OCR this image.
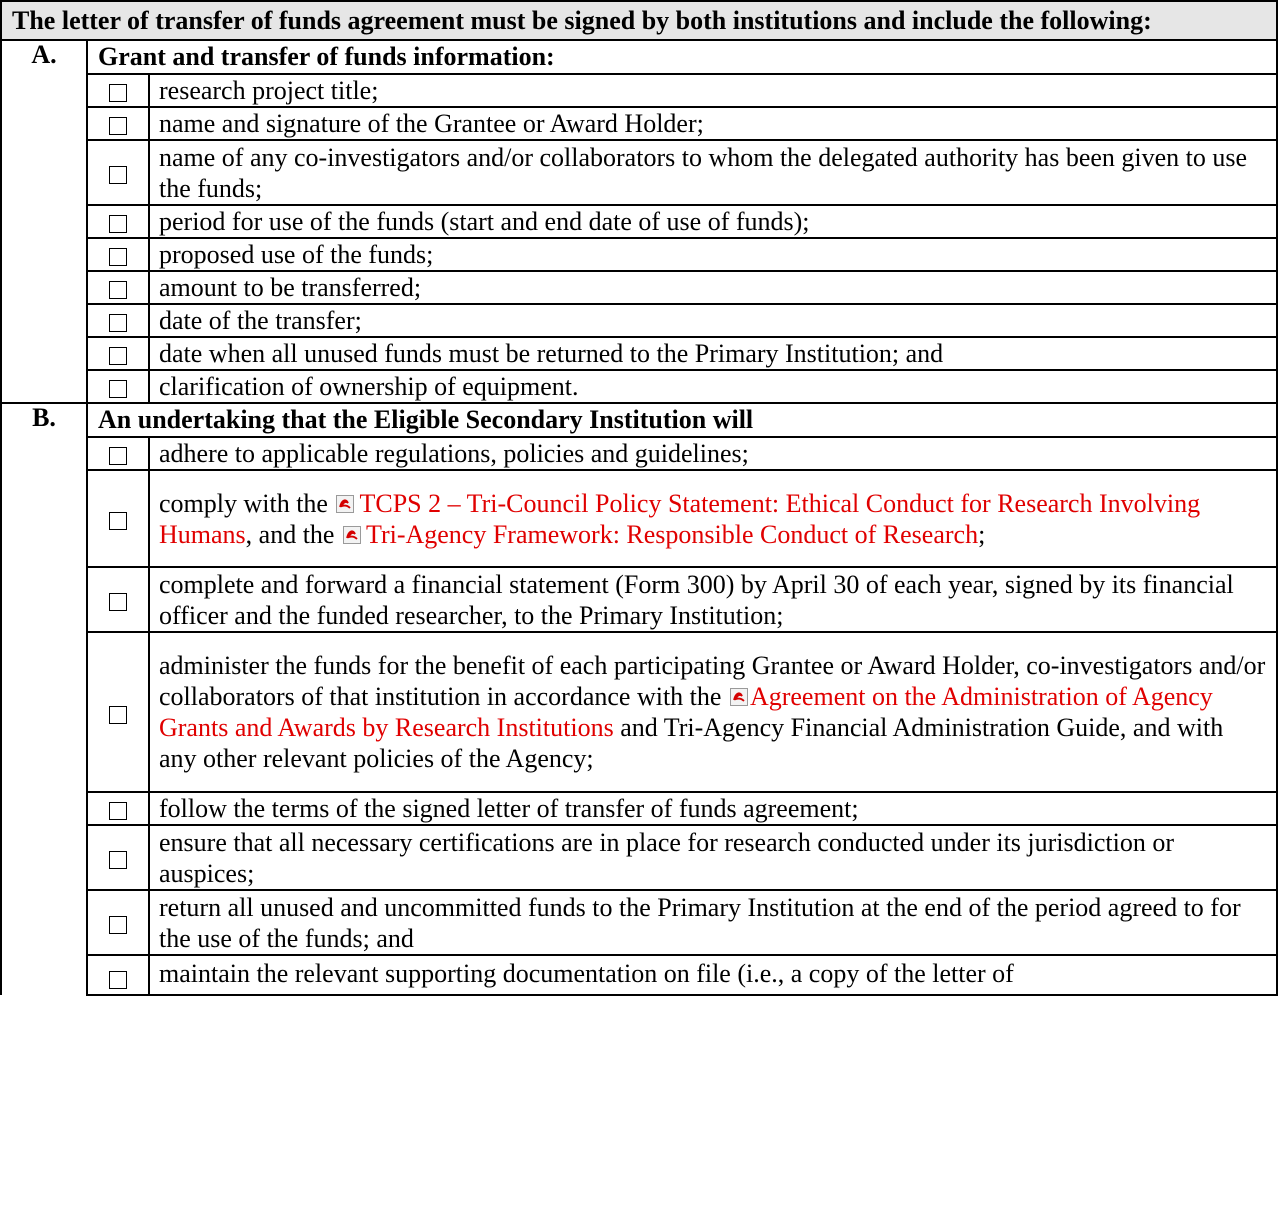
The letter of transfer of funds agreement must be signed by both institutions and include the following:		
A.	Grant and transfer of funds information:	
		research project title;
		name and signature of the Grantee or Award Holder;
		name of any co-investigators and/or collaborators to whom the delegated authority has been given to use the funds;
		period for use of the funds (start and end date of use of funds);
		proposed use of the funds;
		amount to be transferred;
		date of the transfer;
		date when all unused funds must be returned to the Primary Institution; and
		clarification of ownership of equipment.
B.	An undertaking that the Eligible Secondary Institution will	
		adhere to applicable regulations, policies and guidelines;
		comply with the TCPS 2 – Tri-Council Policy Statement: Ethical Conduct for Research Involving Humans, and the Tri-Agency Framework: Responsible Conduct of Research;
		complete and forward a financial statement (Form 300) by April 30 of each year, signed by its financial officer and the funded researcher, to the Primary Institution;
		administer the funds for the benefit of each participating Grantee or Award Holder, co-investigators and/or collaborators of that institution in accordance with the Agreement on the Administration of Agency Grants and Awards by Research Institutions and Tri-Agency Financial Administration Guide, and with any other relevant policies of the Agency;
		follow the terms of the signed letter of transfer of funds agreement;
		ensure that all necessary certifications are in place for research conducted under its jurisdiction or auspices;
		return all unused and uncommitted funds to the Primary Institution at the end of the period agreed to for the use of the funds; and
		maintain the relevant supporting documentation on file (i.e., a copy of the letter of
